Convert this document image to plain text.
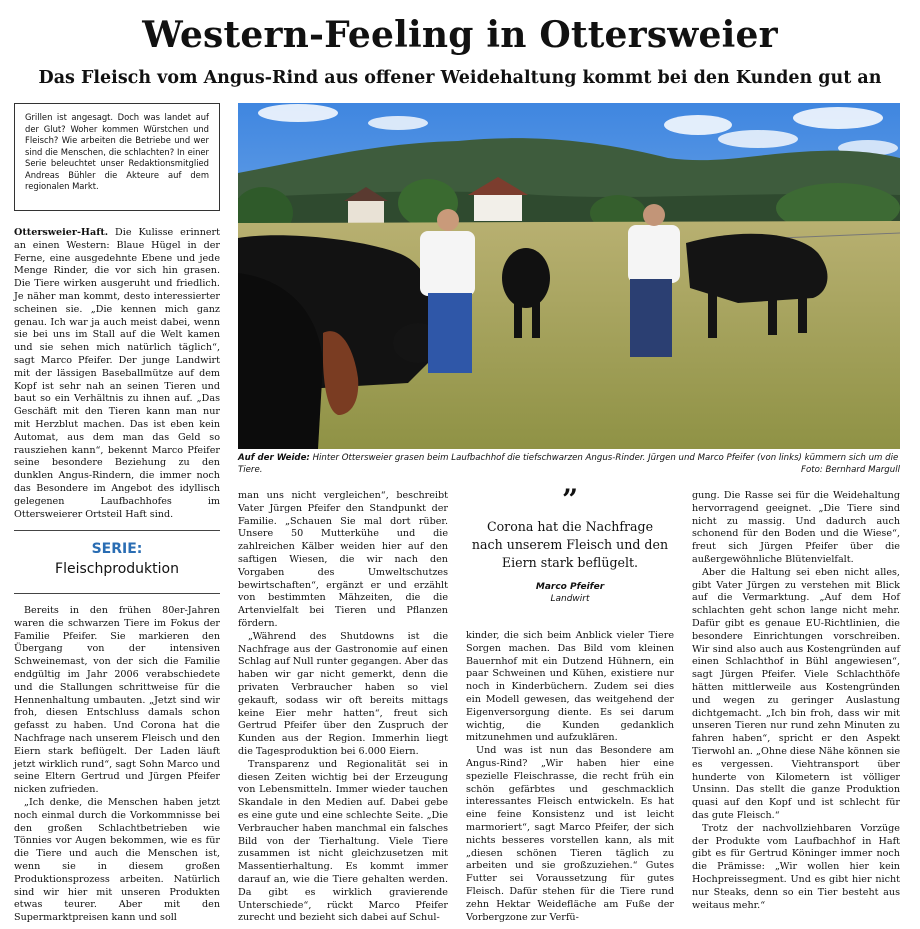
Western-Feeling in Ottersweier
Das Fleisch vom Angus-Rind aus offener Weidehaltung kommt bei den Kunden gut an
Grillen ist angesagt. Doch was landet auf der Glut? Woher kommen Würstchen und Fleisch? Wie arbeiten die Betriebe und wer sind die Menschen, die schlachten? In einer Serie beleuchtet unser Redaktionsmitglied Andreas Bühler die Akteure auf dem regionalen Markt.
Auf der Weide: Hinter Ottersweier grasen beim Laufbachhof die tiefschwarzen Angus-Rinder. Jürgen und Marco Pfeifer (von links) kümmern sich um die Tiere.	Foto: Bernhard Margull

Ottersweier-Haft. Die Kulisse erinnert an einen Western: Blaue Hügel in der Ferne, eine ausgedehnte Ebene und jede Menge Rinder, die vor sich hin grasen. Die Tiere wirken ausgeruht und friedlich. Je näher man kommt, desto interessierter scheinen sie. „Die kennen mich ganz genau. Ich war ja auch meist dabei, wenn sie bei uns im Stall auf die Welt kamen und sie sehen mich natürlich täglich“, sagt Marco Pfeifer. Der junge Landwirt mit der lässigen Baseballmütze auf dem Kopf ist sehr nah an seinen Tieren und baut so ein Verhältnis zu ihnen auf. „Das Geschäft mit den Tieren kann man nur mit Herzblut machen. Das ist eben kein Automat, aus dem man das Geld so rausziehen kann“, bekennt Marco Pfeifer seine besondere Beziehung zu den dunklen Angus-Rindern, die immer noch das Besondere im Angebot des idyllisch gelegenen Laufbachhofes im Ottersweierer Ortsteil Haft sind.

SERIE:
Fleischproduktion

Bereits in den frühen 80er-Jahren waren die schwarzen Tiere im Fokus der Familie Pfeifer. Sie markieren den Übergang von der intensiven Schweinemast, von der sich die Familie endgültig im Jahr 2006 verabschiedete und die Stallungen schrittweise für die Hennenhaltung umbauten. „Jetzt sind wir froh, diesen Entschluss damals schon gefasst zu haben. Und Corona hat die Nachfrage nach unserem Fleisch und den Eiern stark beflügelt. Der Laden läuft jetzt wirklich rund“, sagt Sohn Marco und seine Eltern Gertrud und Jürgen Pfeifer nicken zufrieden.

„Ich denke, die Menschen haben jetzt noch einmal durch die Vorkommnisse bei den großen Schlachtbetrieben wie Tönnies vor Augen bekommen, wie es für die Tiere und auch die Menschen ist, wenn sie in diesem großen Produktionsprozess arbeiten. Natürlich sind wir hier mit unseren Produkten etwas teurer. Aber mit den Supermarktpreisen kann und soll

man uns nicht vergleichen“, beschreibt Vater Jürgen Pfeifer den Standpunkt der Familie. „Schauen Sie mal dort rüber. Unsere 50 Mutterkühe und die zahlreichen Kälber weiden hier auf den saftigen Wiesen, die wir nach den Vorgaben des Umweltschutzes bewirtschaften“, ergänzt er und erzählt von bestimmten Mähzeiten, die die Artenvielfalt bei Tieren und Pflanzen fördern.

„Während des Shutdowns ist die Nachfrage aus der Gastronomie auf einen Schlag auf Null runter gegangen. Aber das haben wir gar nicht gemerkt, denn die privaten Verbraucher haben so viel gekauft, sodass wir oft bereits mittags keine Eier mehr hatten“, freut sich Gertrud Pfeifer über den Zuspruch der Kunden aus der Region. Immerhin liegt die Tagesproduktion bei 6.000 Eiern.

Transparenz und Regionalität sei in diesen Zeiten wichtig bei der Erzeugung von Lebensmitteln. Immer wieder tauchen Skandale in den Medien auf. Dabei gebe es eine gute und eine schlechte Seite. „Die Verbraucher haben manchmal ein falsches Bild von der Tierhaltung. Viele Tiere zusammen ist nicht gleichzusetzen mit Massentierhaltung. Es kommt immer darauf an, wie die Tiere gehalten werden. Da gibt es wirklich gravierende Unterschiede“, rückt Marco Pfeifer zurecht und bezieht sich dabei auf Schul-

”
Corona hat die Nachfrage nach unserem Fleisch und den Eiern stark beflügelt.
Marco Pfeifer
Landwirt

kinder, die sich beim Anblick vieler Tiere Sorgen machen. Das Bild vom kleinen Bauernhof mit ein Dutzend Hühnern, ein paar Schweinen und Kühen, existiere nur noch in Kinderbüchern. Zudem sei dies ein Modell gewesen, das weitgehend der Eigenversorgung diente. Es sei darum wichtig, die Kunden gedanklich mitzunehmen und aufzuklären.

Und was ist nun das Besondere am Angus-Rind? „Wir haben hier eine spezielle Fleischrasse, die recht früh ein schön gefärbtes und geschmacklich interessantes Fleisch entwickeln. Es hat eine feine Konsistenz und ist leicht marmoriert“, sagt Marco Pfeifer, der sich nichts besseres vorstellen kann, als mit „diesen schönen Tieren täglich zu arbeiten und sie großzuziehen.“ Gutes Futter sei Voraussetzung für gutes Fleisch. Dafür stehen für die Tiere rund zehn Hektar Weidefläche am Fuße der Vorbergzone zur Verfü-

gung. Die Rasse sei für die Weidehaltung hervorragend geeignet. „Die Tiere sind nicht zu massig. Und dadurch auch schonend für den Boden und die Wiese“, freut sich Jürgen Pfeifer über die außergewöhnliche Blütenvielfalt.

Aber die Haltung sei eben nicht alles, gibt Vater Jürgen zu verstehen mit Blick auf die Vermarktung. „Auf dem Hof schlachten geht schon lange nicht mehr. Dafür gibt es genaue EU-Richtlinien, die besondere Einrichtungen vorschreiben. Wir sind also auch aus Kostengründen auf einen Schlachthof in Bühl angewiesen“, sagt Jürgen Pfeifer. Viele Schlachthöfe hätten mittlerweile aus Kostengründen und wegen zu geringer Auslastung dichtgemacht. „Ich bin froh, dass wir mit unseren Tieren nur rund zehn Minuten zu fahren haben“, spricht er den Aspekt Tierwohl an. „Ohne diese Nähe können sie es vergessen. Viehtransport über hunderte von Kilometern ist völliger Unsinn. Das stellt die ganze Produktion quasi auf den Kopf und ist schlecht für das gute Fleisch.“

Trotz der nachvollziehbaren Vorzüge der Produkte vom Laufbachhof in Haft gibt es für Gertrud Köninger immer noch die Prämisse: „Wir wollen hier kein Hochpreissegment. Und es gibt hier nicht nur Steaks, denn so ein Tier besteht aus weitaus mehr.“
